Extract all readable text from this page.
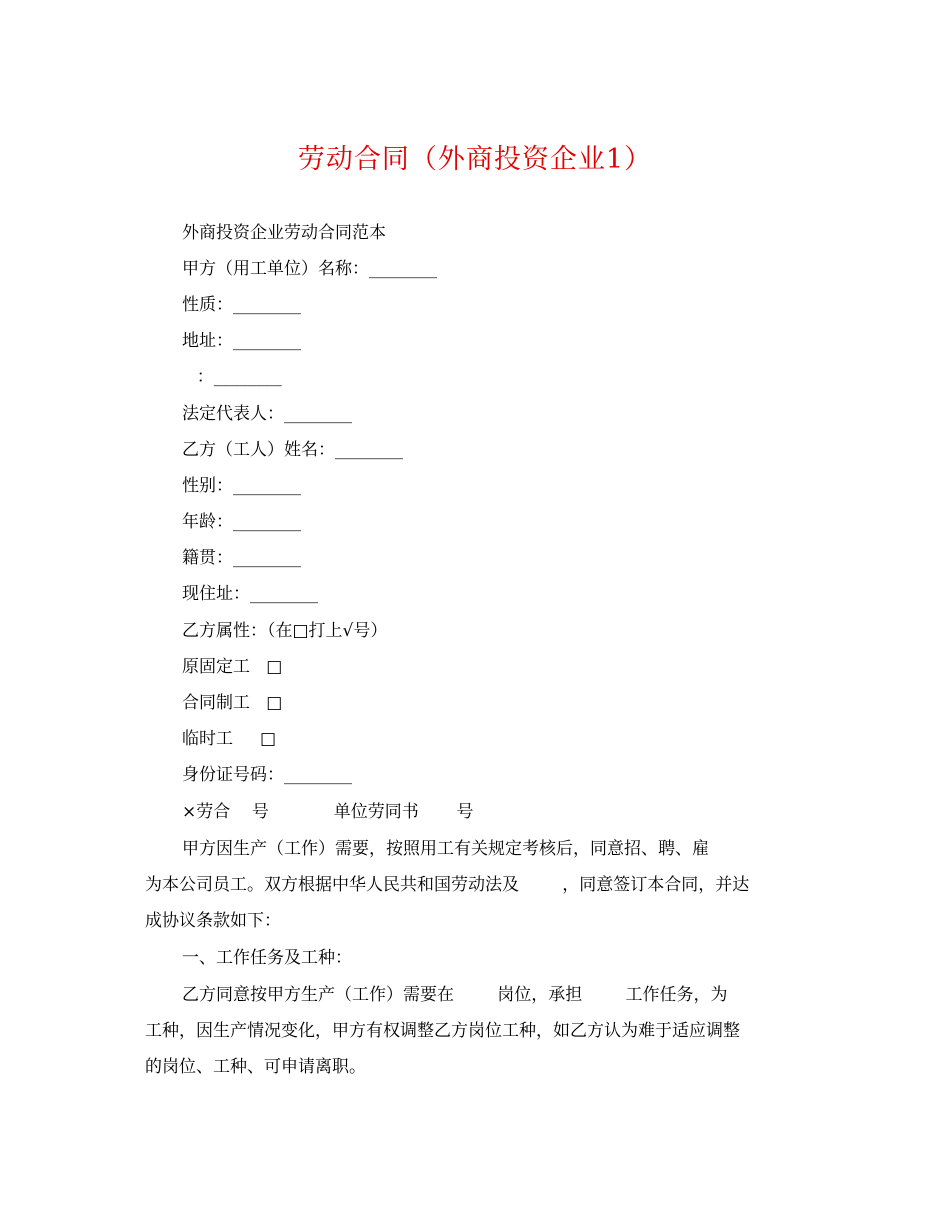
劳动合同（外商投资企业1）

外商投资企业劳动合同范本

甲方（用工单位）名称：________

性质：________

地址：________

：________

法定代表人：________

乙方（工人）姓名：________

性别：________

年龄：________

籍贯：________

现住址：________

乙方属性：（在□打上√号）

原固定工   □

合同制工   □

临时工     □

身份证号码：________

×劳合    号            单位劳同书       号

甲方因生产（工作）需要，按照用工有关规定考核后，同意招、聘、雇

为本公司员工。双方根据中华人民共和国劳动法及        ，同意签订本合同，并达

成协议条款如下：

一、工作任务及工种：

乙方同意按甲方生产（工作）需要在        岗位，承担        工作任务，为

工种，因生产情况变化，甲方有权调整乙方岗位工种，如乙方认为难于适应调整

的岗位、工种、可申请离职。
